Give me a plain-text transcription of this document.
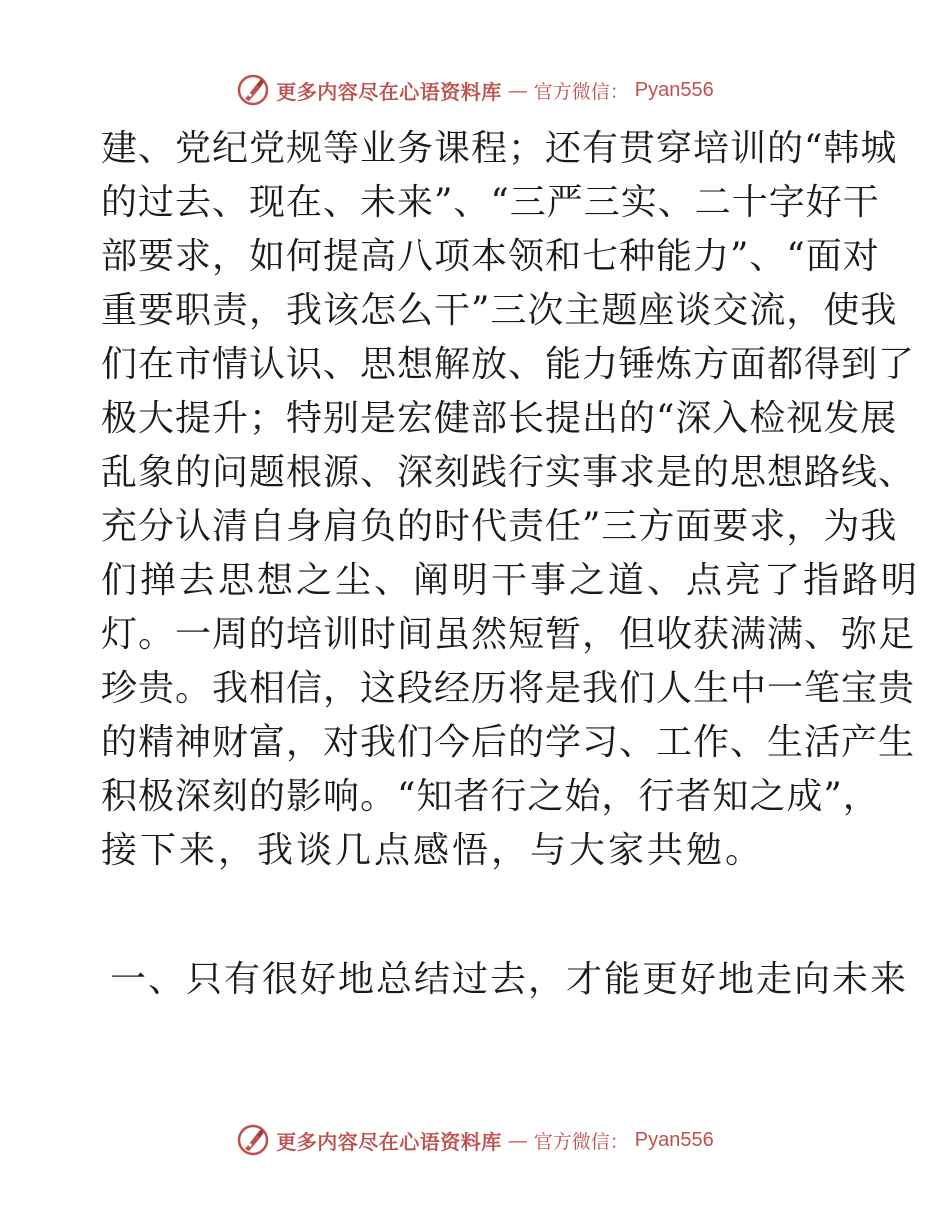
更多内容尽在心语资料库 — 官方微信： Pyan556
建、党纪党规等业务课程；还有贯穿培训的“韩城
的过去、现在、未来”、“三严三实、二十字好干
部要求，如何提高八项本领和七种能力”、“面对
重要职责，我该怎么干”三次主题座谈交流，使我
们在市情认识、思想解放、能力锤炼方面都得到了
极大提升；特别是宏健部长提出的“深入检视发展
乱象的问题根源、深刻践行实事求是的思想路线、
充分认清自身肩负的时代责任”三方面要求，为我
们掸去思想之尘、阐明干事之道、点亮了指路明
灯。一周的培训时间虽然短暂，但收获满满、弥足
珍贵。我相信，这段经历将是我们人生中一笔宝贵
的精神财富，对我们今后的学习、工作、生活产生
积极深刻的影响。“知者行之始，行者知之成”，
接下来，我谈几点感悟，与大家共勉。
一、只有很好地总结过去，才能更好地走向未来
更多内容尽在心语资料库 — 官方微信： Pyan556
